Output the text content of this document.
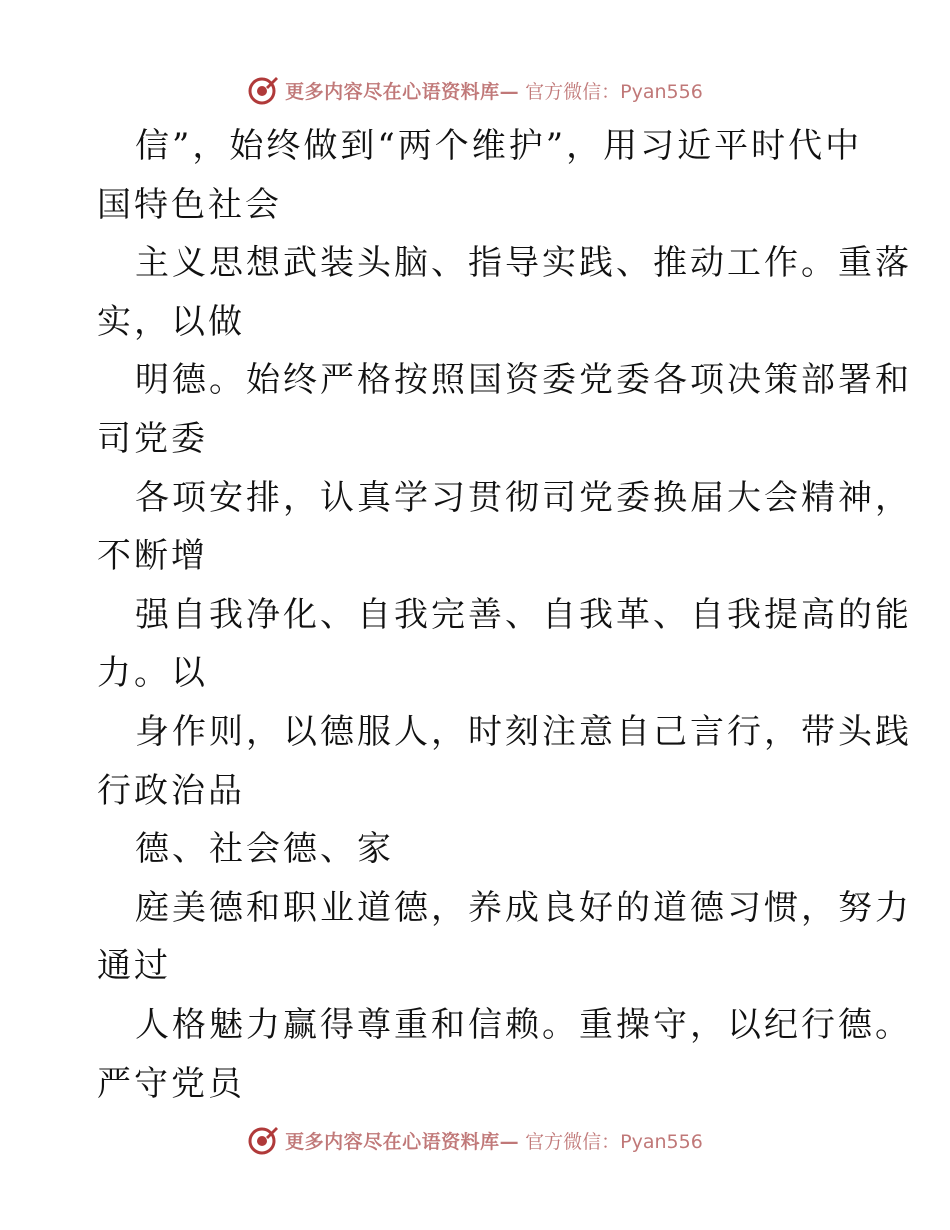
更多内容尽在心语资料库— 官方微信：Pyan556
信”，始终做到“两个维护”，用习近平时代中
国特色社会
主义思想武装头脑、指导实践、推动工作。重落
实，以做
明德。始终严格按照国资委党委各项决策部署和
司党委
各项安排，认真学习贯彻司党委换届大会精神，
不断增
强自我净化、自我完善、自我革、自我提高的能
力。以
身作则，以德服人，时刻注意自己言行，带头践
行政治品
德、社会德、家
庭美德和职业道德，养成良好的道德习惯，努力
通过
人格魅力赢得尊重和信赖。重操守，以纪行德。
严守党员
更多内容尽在心语资料库— 官方微信：Pyan556
